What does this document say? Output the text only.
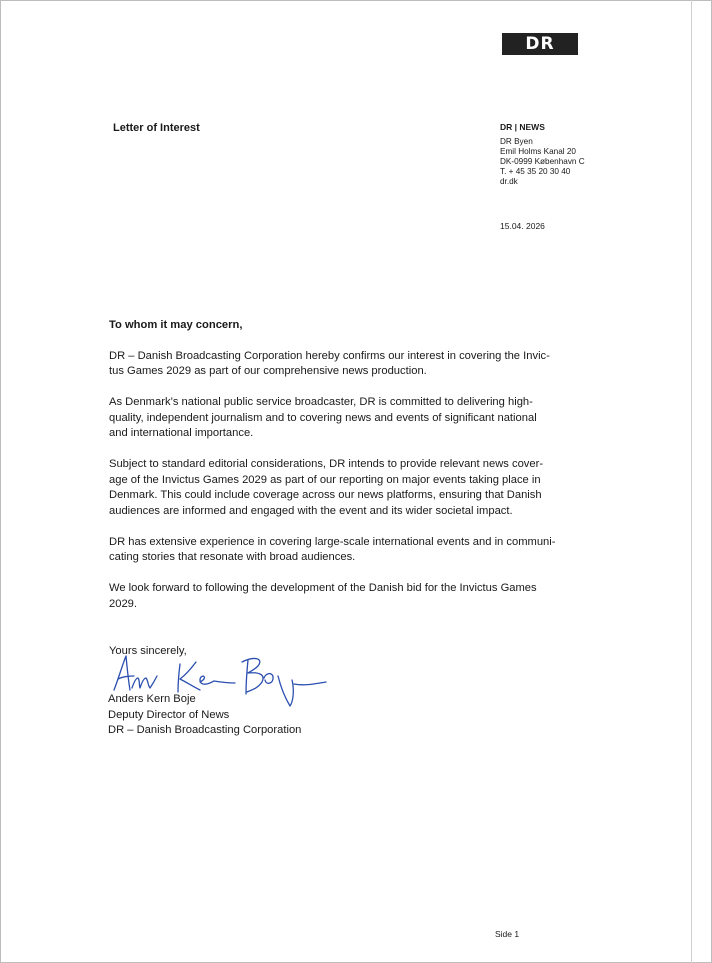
DR
Letter of Interest	DR | NEWS
DR Byen
Emil Holms Kanal 20
DK-0999 København C
T. + 45 35 20 30 40
dr.dk
15.04. 2026
To whom it may concern,
DR – Danish Broadcasting Corporation hereby confirms our interest in covering the Invic-
tus Games 2029 as part of our comprehensive news production.
As Denmark’s national public service broadcaster, DR is committed to delivering high-
quality, independent journalism and to covering news and events of significant national
and international importance.
Subject to standard editorial considerations, DR intends to provide relevant news cover-
age of the Invictus Games 2029 as part of our reporting on major events taking place in
Denmark. This could include coverage across our news platforms, ensuring that Danish
audiences are informed and engaged with the event and its wider societal impact.
DR has extensive experience in covering large-scale international events and in communi-
cating stories that resonate with broad audiences.
We look forward to following the development of the Danish bid for the Invictus Games
2029.
Yours sincerely,
Anders Kern Boje
Deputy Director of News
DR – Danish Broadcasting Corporation
Side 1
